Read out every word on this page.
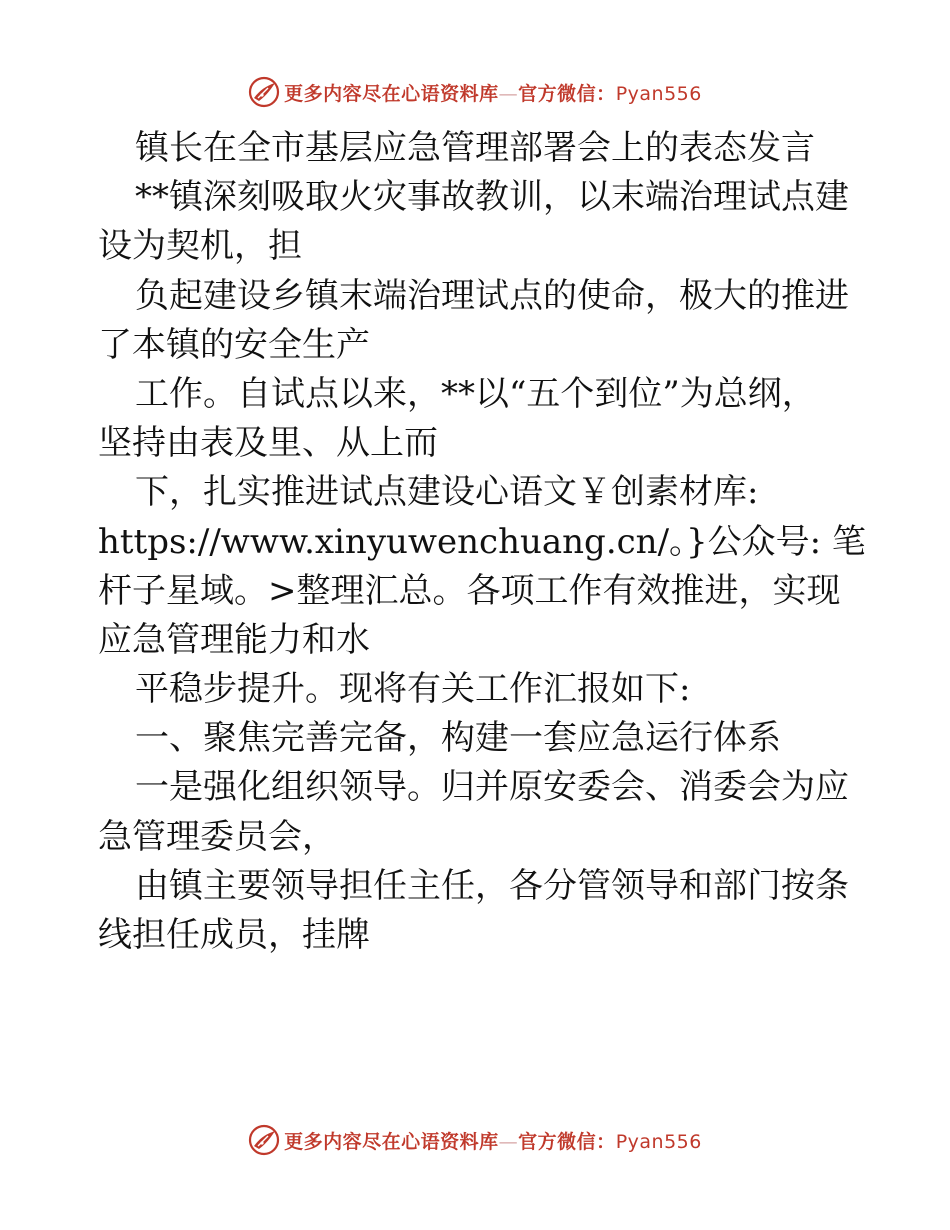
更多内容尽在心语资料库—官方微信：Pyan556
镇长在全市基层应急管理部署会上的表态发言
**镇深刻吸取火灾事故教训，以末端治理试点建
设为契机，担
负起建设乡镇末端治理试点的使命，极大的推进
了本镇的安全生产
工作。自试点以来，**以“五个到位”为总纲，
坚持由表及里、从上而
下，扎实推进试点建设心语文￥创素材库:
https://www.xinyuwenchuang.cn/。}公众号: 笔
杆子星域。>整理汇总。各项工作有效推进，实现
应急管理能力和水
平稳步提升。现将有关工作汇报如下:
一、聚焦完善完备，构建一套应急运行体系
一是强化组织领导。归并原安委会、消委会为应
急管理委员会，
由镇主要领导担任主任，各分管领导和部门按条
线担任成员，挂牌
更多内容尽在心语资料库—官方微信：Pyan556
